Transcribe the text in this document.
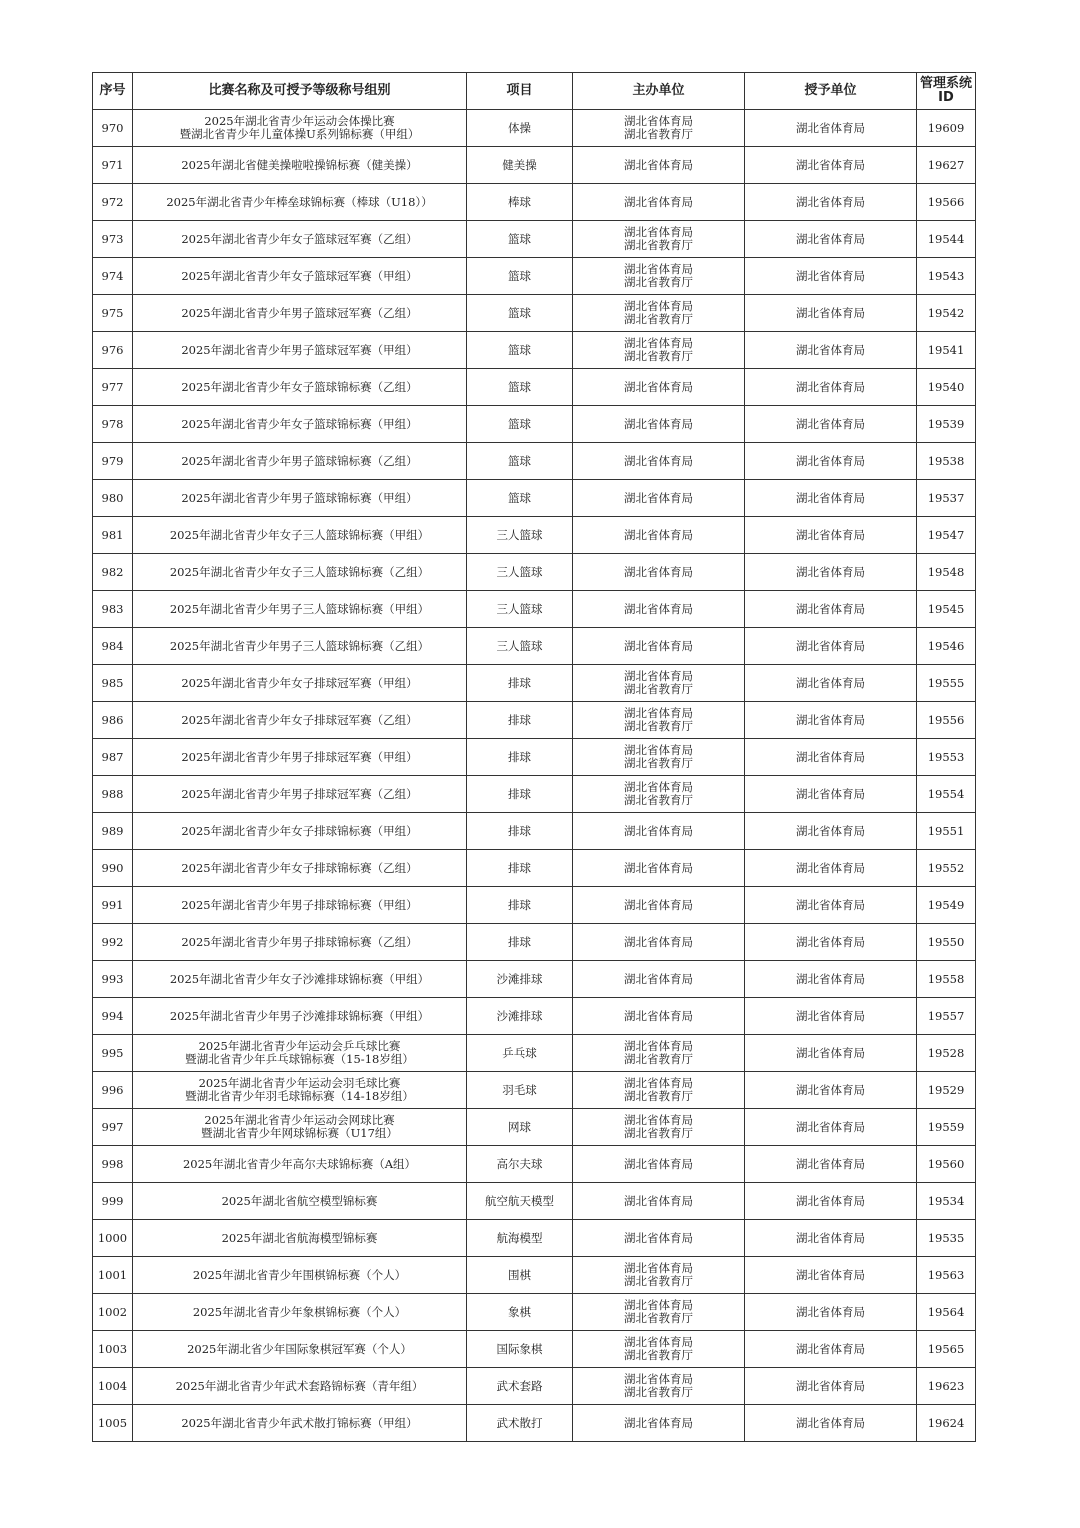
序号	比赛名称及可授予等级称号组别	项目	主办单位	授予单位	管理系统
ID

970	2025年湖北省青少年运动会体操比赛
暨湖北省青少年儿童体操U系列锦标赛（甲组）	体操	湖北省体育局
湖北省教育厅	湖北省体育局	19609
971	2025年湖北省健美操啦啦操锦标赛（健美操）	健美操	湖北省体育局	湖北省体育局	19627
972	2025年湖北省青少年棒垒球锦标赛（棒球（U18））	棒球	湖北省体育局	湖北省体育局	19566
973	2025年湖北省青少年女子篮球冠军赛（乙组）	篮球	湖北省体育局
湖北省教育厅	湖北省体育局	19544
974	2025年湖北省青少年女子篮球冠军赛（甲组）	篮球	湖北省体育局
湖北省教育厅	湖北省体育局	19543
975	2025年湖北省青少年男子篮球冠军赛（乙组）	篮球	湖北省体育局
湖北省教育厅	湖北省体育局	19542
976	2025年湖北省青少年男子篮球冠军赛（甲组）	篮球	湖北省体育局
湖北省教育厅	湖北省体育局	19541
977	2025年湖北省青少年女子篮球锦标赛（乙组）	篮球	湖北省体育局	湖北省体育局	19540
978	2025年湖北省青少年女子篮球锦标赛（甲组）	篮球	湖北省体育局	湖北省体育局	19539
979	2025年湖北省青少年男子篮球锦标赛（乙组）	篮球	湖北省体育局	湖北省体育局	19538
980	2025年湖北省青少年男子篮球锦标赛（甲组）	篮球	湖北省体育局	湖北省体育局	19537
981	2025年湖北省青少年女子三人篮球锦标赛（甲组）	三人篮球	湖北省体育局	湖北省体育局	19547
982	2025年湖北省青少年女子三人篮球锦标赛（乙组）	三人篮球	湖北省体育局	湖北省体育局	19548
983	2025年湖北省青少年男子三人篮球锦标赛（甲组）	三人篮球	湖北省体育局	湖北省体育局	19545
984	2025年湖北省青少年男子三人篮球锦标赛（乙组）	三人篮球	湖北省体育局	湖北省体育局	19546
985	2025年湖北省青少年女子排球冠军赛（甲组）	排球	湖北省体育局
湖北省教育厅	湖北省体育局	19555
986	2025年湖北省青少年女子排球冠军赛（乙组）	排球	湖北省体育局
湖北省教育厅	湖北省体育局	19556
987	2025年湖北省青少年男子排球冠军赛（甲组）	排球	湖北省体育局
湖北省教育厅	湖北省体育局	19553
988	2025年湖北省青少年男子排球冠军赛（乙组）	排球	湖北省体育局
湖北省教育厅	湖北省体育局	19554
989	2025年湖北省青少年女子排球锦标赛（甲组）	排球	湖北省体育局	湖北省体育局	19551
990	2025年湖北省青少年女子排球锦标赛（乙组）	排球	湖北省体育局	湖北省体育局	19552
991	2025年湖北省青少年男子排球锦标赛（甲组）	排球	湖北省体育局	湖北省体育局	19549
992	2025年湖北省青少年男子排球锦标赛（乙组）	排球	湖北省体育局	湖北省体育局	19550
993	2025年湖北省青少年女子沙滩排球锦标赛（甲组）	沙滩排球	湖北省体育局	湖北省体育局	19558
994	2025年湖北省青少年男子沙滩排球锦标赛（甲组）	沙滩排球	湖北省体育局	湖北省体育局	19557
995	2025年湖北省青少年运动会乒乓球比赛
暨湖北省青少年乒乓球锦标赛（15-18岁组）	乒乓球	湖北省体育局
湖北省教育厅	湖北省体育局	19528
996	2025年湖北省青少年运动会羽毛球比赛
暨湖北省青少年羽毛球锦标赛（14-18岁组）	羽毛球	湖北省体育局
湖北省教育厅	湖北省体育局	19529
997	2025年湖北省青少年运动会网球比赛
暨湖北省青少年网球锦标赛（U17组）	网球	湖北省体育局
湖北省教育厅	湖北省体育局	19559
998	2025年湖北省青少年高尔夫球锦标赛（A组）	高尔夫球	湖北省体育局	湖北省体育局	19560
999	2025年湖北省航空模型锦标赛	航空航天模型	湖北省体育局	湖北省体育局	19534
1000	2025年湖北省航海模型锦标赛	航海模型	湖北省体育局	湖北省体育局	19535
1001	2025年湖北省青少年围棋锦标赛（个人）	围棋	湖北省体育局
湖北省教育厅	湖北省体育局	19563
1002	2025年湖北省青少年象棋锦标赛（个人）	象棋	湖北省体育局
湖北省教育厅	湖北省体育局	19564
1003	2025年湖北省少年国际象棋冠军赛（个人）	国际象棋	湖北省体育局
湖北省教育厅	湖北省体育局	19565
1004	2025年湖北省青少年武术套路锦标赛（青年组）	武术套路	湖北省体育局
湖北省教育厅	湖北省体育局	19623
1005	2025年湖北省青少年武术散打锦标赛（甲组）	武术散打	湖北省体育局	湖北省体育局	19624
